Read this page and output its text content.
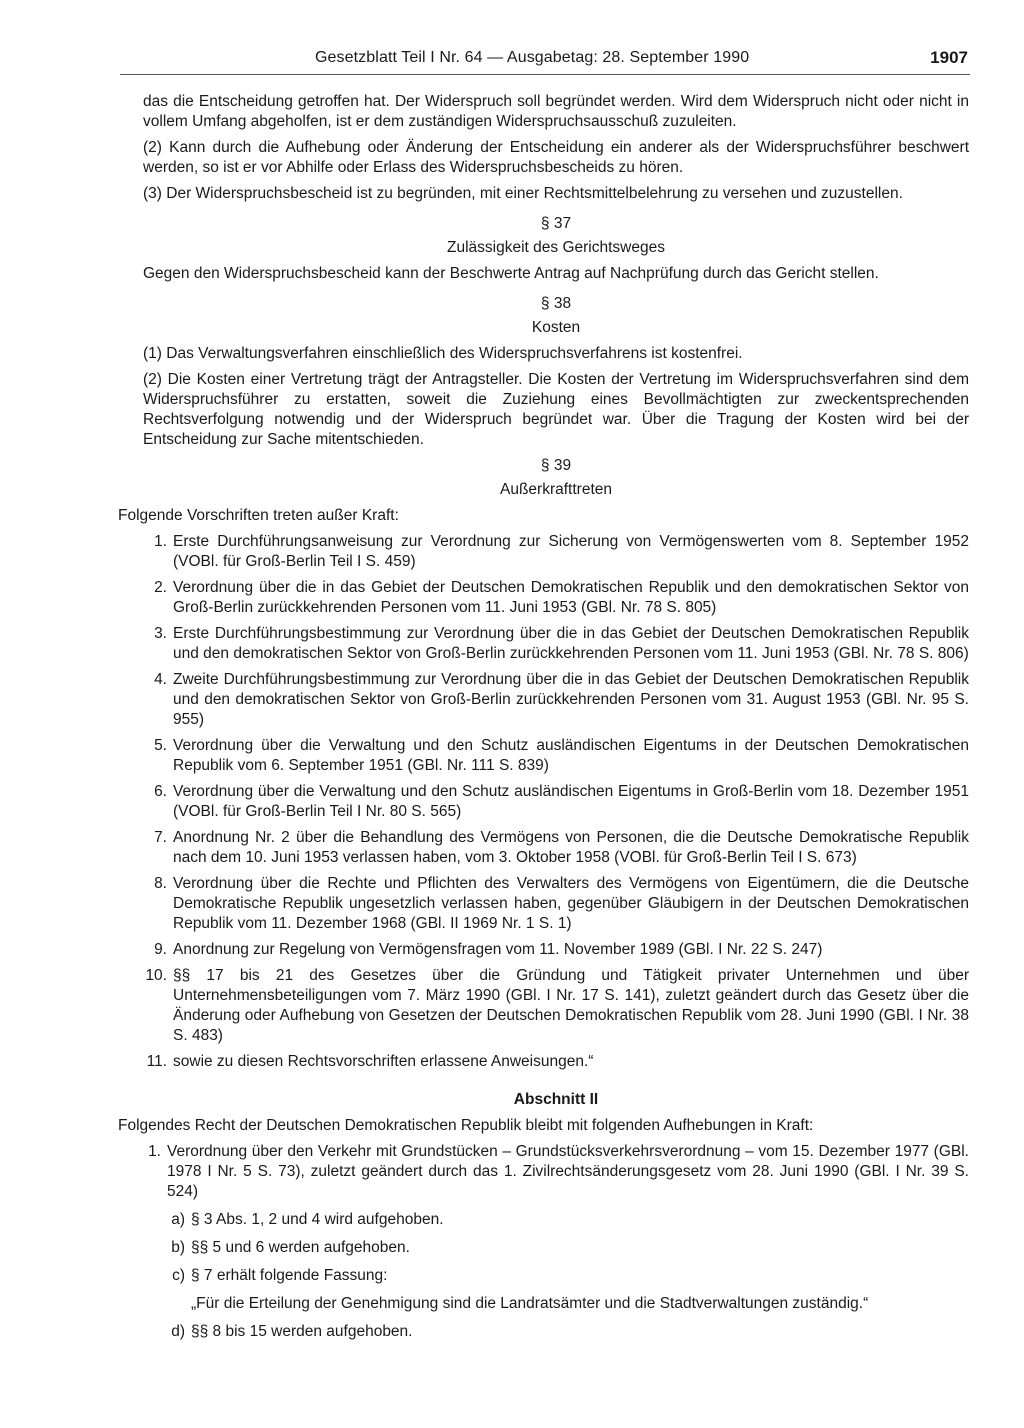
Gesetzblatt Teil I Nr. 64 — Ausgabetag: 28. September 1990	1907

das die Entscheidung getroffen hat. Der Widerspruch soll begründet werden. Wird dem Widerspruch nicht oder nicht in vollem Umfang abgeholfen, ist er dem zuständigen Widerspruchsausschuß zuzuleiten.

(2) Kann durch die Aufhebung oder Änderung der Entscheidung ein anderer als der Widerspruchsführer beschwert werden, so ist er vor Abhilfe oder Erlass des Widerspruchsbescheids zu hören.

(3) Der Widerspruchsbescheid ist zu begründen, mit einer Rechtsmittelbelehrung zu versehen und zuzustellen.

§ 37
Zulässigkeit des Gerichtsweges

Gegen den Widerspruchsbescheid kann der Beschwerte Antrag auf Nachprüfung durch das Gericht stellen.

§ 38
Kosten

(1) Das Verwaltungsverfahren einschließlich des Widerspruchsverfahrens ist kostenfrei.

(2) Die Kosten einer Vertretung trägt der Antragsteller. Die Kosten der Vertretung im Widerspruchsverfahren sind dem Widerspruchsführer zu erstatten, soweit die Zuziehung eines Bevollmächtigten zur zweckentsprechenden Rechtsverfolgung notwendig und der Widerspruch begründet war. Über die Tragung der Kosten wird bei der Entscheidung zur Sache mitentschieden.

§ 39
Außerkrafttreten

Folgende Vorschriften treten außer Kraft:

1. Erste Durchführungsanweisung zur Verordnung zur Sicherung von Vermögenswerten vom 8. September 1952 (VOBl. für Groß-Berlin Teil I S. 459)
2. Verordnung über die in das Gebiet der Deutschen Demokratischen Republik und den demokratischen Sektor von Groß-Berlin zurückkehrenden Personen vom 11. Juni 1953 (GBl. Nr. 78 S. 805)
3. Erste Durchführungsbestimmung zur Verordnung über die in das Gebiet der Deutschen Demokratischen Republik und den demokratischen Sektor von Groß-Berlin zurückkehrenden Personen vom 11. Juni 1953 (GBl. Nr. 78 S. 806)
4. Zweite Durchführungsbestimmung zur Verordnung über die in das Gebiet der Deutschen Demokratischen Republik und den demokratischen Sektor von Groß-Berlin zurückkehrenden Personen vom 31. August 1953 (GBl. Nr. 95 S. 955)
5. Verordnung über die Verwaltung und den Schutz ausländischen Eigentums in der Deutschen Demokratischen Republik vom 6. September 1951 (GBl. Nr. 111 S. 839)
6. Verordnung über die Verwaltung und den Schutz ausländischen Eigentums in Groß-Berlin vom 18. Dezember 1951 (VOBl. für Groß-Berlin Teil I Nr. 80 S. 565)
7. Anordnung Nr. 2 über die Behandlung des Vermögens von Personen, die die Deutsche Demokratische Republik nach dem 10. Juni 1953 verlassen haben, vom 3. Oktober 1958 (VOBl. für Groß-Berlin Teil I S. 673)
8. Verordnung über die Rechte und Pflichten des Verwalters des Vermögens von Eigentümern, die die Deutsche Demokratische Republik ungesetzlich verlassen haben, gegenüber Gläubigern in der Deutschen Demokratischen Republik vom 11. Dezember 1968 (GBl. II 1969 Nr. 1 S. 1)
9. Anordnung zur Regelung von Vermögensfragen vom 11. November 1989 (GBl. I Nr. 22 S. 247)
10. §§ 17 bis 21 des Gesetzes über die Gründung und Tätigkeit privater Unternehmen und über Unternehmensbeteiligungen vom 7. März 1990 (GBl. I Nr. 17 S. 141), zuletzt geändert durch das Gesetz über die Änderung oder Aufhebung von Gesetzen der Deutschen Demokratischen Republik vom 28. Juni 1990 (GBl. I Nr. 38 S. 483)
11. sowie zu diesen Rechtsvorschriften erlassene Anweisungen.“
Abschnitt II

Folgendes Recht der Deutschen Demokratischen Republik bleibt mit folgenden Aufhebungen in Kraft:

1. Verordnung über den Verkehr mit Grundstücken – Grundstücksverkehrsverordnung – vom 15. Dezember 1977 (GBl. 1978 I Nr. 5 S. 73), zuletzt geändert durch das 1. Zivilrechtsänderungsgesetz vom 28. Juni 1990 (GBl. I Nr. 39 S. 524)
a) § 3 Abs. 1, 2 und 4 wird aufgehoben.
b) §§ 5 und 6 werden aufgehoben.
c) § 7 erhält folgende Fassung:
„Für die Erteilung der Genehmigung sind die Landratsämter und die Stadtverwaltungen zuständig.“
d) §§ 8 bis 15 werden aufgehoben.
